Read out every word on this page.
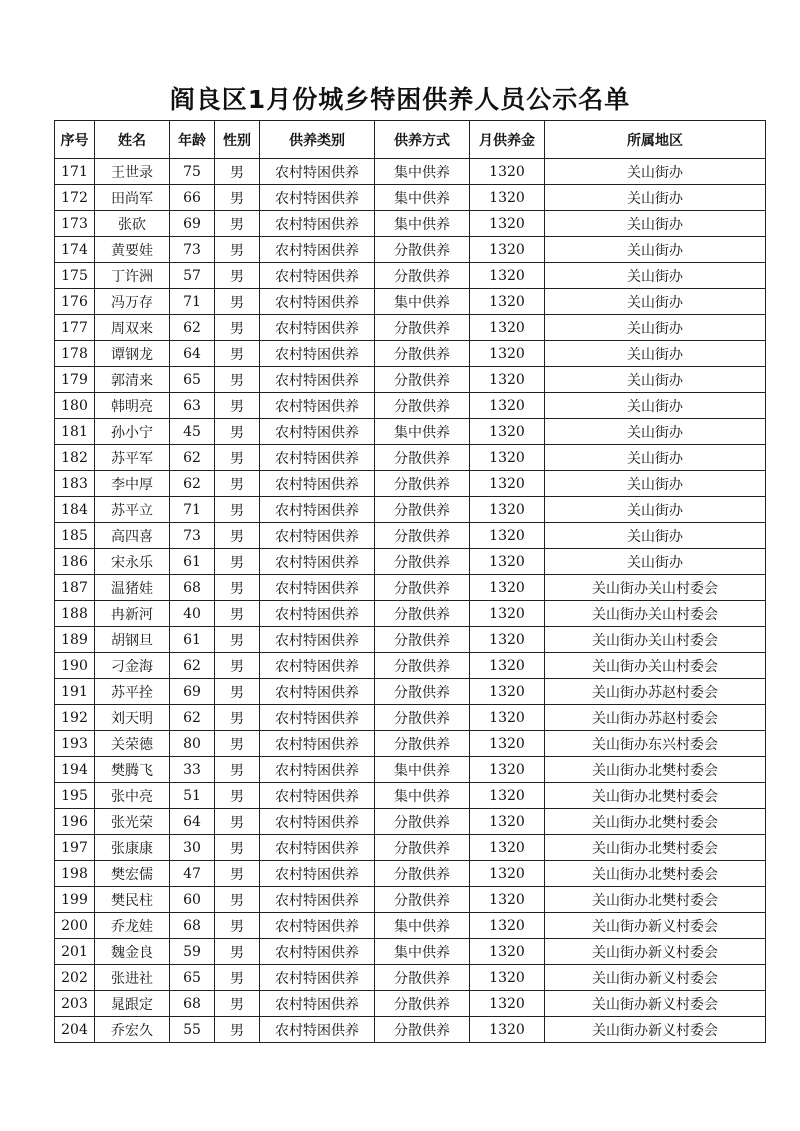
阎良区1月份城乡特困供养人员公示名单
序号	姓名	年龄	性别	供养类别	供养方式	月供养金	所属地区
171	王世录	75	男	农村特困供养	集中供养	1320	关山街办
172	田尚军	66	男	农村特困供养	集中供养	1320	关山街办
173	张砍	69	男	农村特困供养	集中供养	1320	关山街办
174	黄要娃	73	男	农村特困供养	分散供养	1320	关山街办
175	丁许洲	57	男	农村特困供养	分散供养	1320	关山街办
176	冯万存	71	男	农村特困供养	集中供养	1320	关山街办
177	周双来	62	男	农村特困供养	分散供养	1320	关山街办
178	谭钢龙	64	男	农村特困供养	分散供养	1320	关山街办
179	郭清来	65	男	农村特困供养	分散供养	1320	关山街办
180	韩明亮	63	男	农村特困供养	分散供养	1320	关山街办
181	孙小宁	45	男	农村特困供养	集中供养	1320	关山街办
182	苏平军	62	男	农村特困供养	分散供养	1320	关山街办
183	李中厚	62	男	农村特困供养	分散供养	1320	关山街办
184	苏平立	71	男	农村特困供养	分散供养	1320	关山街办
185	高四喜	73	男	农村特困供养	分散供养	1320	关山街办
186	宋永乐	61	男	农村特困供养	分散供养	1320	关山街办
187	温猪娃	68	男	农村特困供养	分散供养	1320	关山街办关山村委会
188	冉新河	40	男	农村特困供养	分散供养	1320	关山街办关山村委会
189	胡钢旦	61	男	农村特困供养	分散供养	1320	关山街办关山村委会
190	刁金海	62	男	农村特困供养	分散供养	1320	关山街办关山村委会
191	苏平拴	69	男	农村特困供养	分散供养	1320	关山街办苏赵村委会
192	刘天明	62	男	农村特困供养	分散供养	1320	关山街办苏赵村委会
193	关荣德	80	男	农村特困供养	分散供养	1320	关山街办东兴村委会
194	樊腾飞	33	男	农村特困供养	集中供养	1320	关山街办北樊村委会
195	张中亮	51	男	农村特困供养	集中供养	1320	关山街办北樊村委会
196	张光荣	64	男	农村特困供养	分散供养	1320	关山街办北樊村委会
197	张康康	30	男	农村特困供养	分散供养	1320	关山街办北樊村委会
198	樊宏儒	47	男	农村特困供养	分散供养	1320	关山街办北樊村委会
199	樊民柱	60	男	农村特困供养	分散供养	1320	关山街办北樊村委会
200	乔龙娃	68	男	农村特困供养	集中供养	1320	关山街办新义村委会
201	魏金良	59	男	农村特困供养	集中供养	1320	关山街办新义村委会
202	张进社	65	男	农村特困供养	分散供养	1320	关山街办新义村委会
203	晁跟定	68	男	农村特困供养	分散供养	1320	关山街办新义村委会
204	乔宏久	55	男	农村特困供养	分散供养	1320	关山街办新义村委会
